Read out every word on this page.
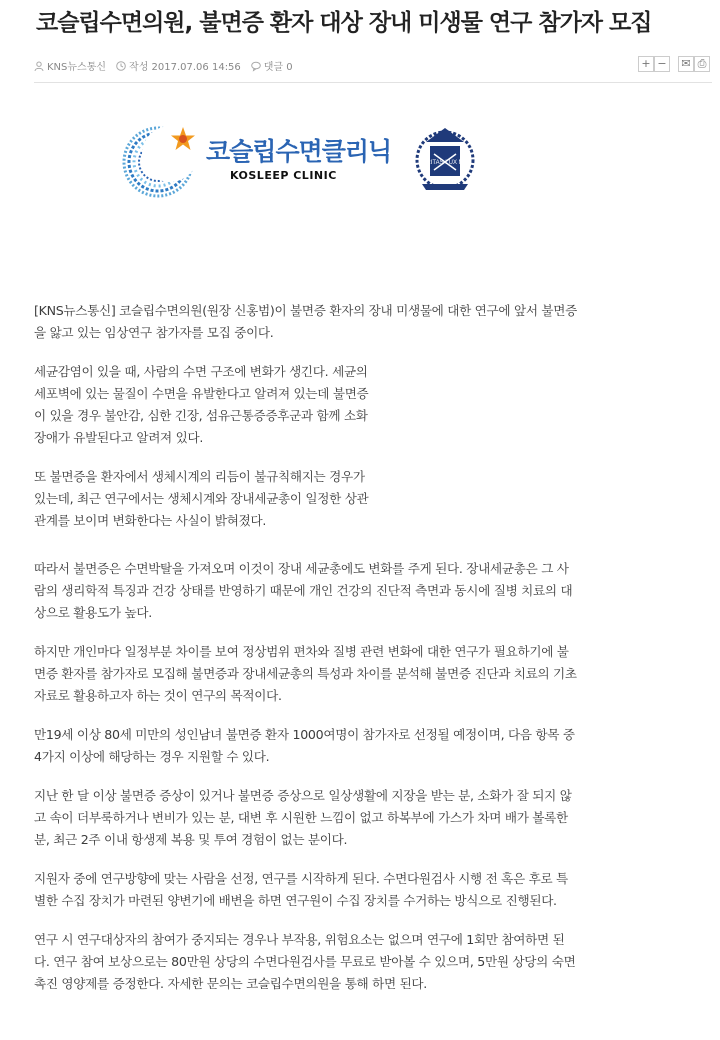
코슬립수면의원, 불면증 환자 대상 장내 미생물 연구 참가자 모집
KNS뉴스통신 작성 2017.07.06 14:56 댓글 0	+ −	✉ ⎙
코슬립수면클리닉
KOSLEEP CLINIC
VERITAS LUX MEA

[KNS뉴스통신] 코슬립수면의원(원장 신홍범)이 불면증 환자의 장내 미생물에 대한 연구에 앞서 불면증을 앓고 있는 임상연구 참가자를 모집 중이다.

세균감염이 있을 때, 사람의 수면 구조에 변화가 생긴다. 세균의 세포벽에 있는 물질이 수면을 유발한다고 알려져 있는데 불면증이 있을 경우 불안감, 심한 긴장, 섬유근통증증후군과 함께 소화 장애가 유발된다고 알려져 있다.

또 불면증을 환자에서 생체시계의 리듬이 불규칙해지는 경우가 있는데, 최근 연구에서는 생체시계와 장내세균총이 일정한 상관관계를 보이며 변화한다는 사실이 밝혀졌다.

따라서 불면증은 수면박탈을 가져오며 이것이 장내 세균총에도 변화를 주게 된다. 장내세균총은 그 사람의 생리학적 특징과 건강 상태를 반영하기 때문에 개인 건강의 진단적 측면과 동시에 질병 치료의 대상으로 활용도가 높다.

하지만 개인마다 일정부분 차이를 보여 정상범위 편차와 질병 관련 변화에 대한 연구가 필요하기에 불면증 환자를 참가자로 모집해 불면증과 장내세균총의 특성과 차이를 분석해 불면증 진단과 치료의 기초 자료로 활용하고자 하는 것이 연구의 목적이다.

만19세 이상 80세 미만의 성인남녀 불면증 환자 1000여명이 참가자로 선정될 예정이며, 다음 항목 중 4가지 이상에 해당하는 경우 지원할 수 있다.

지난 한 달 이상 불면증 증상이 있거나 불면증 증상으로 일상생활에 지장을 받는 분, 소화가 잘 되지 않고 속이 더부룩하거나 변비가 있는 분, 대변 후 시원한 느낌이 없고 하복부에 가스가 차며 배가 볼록한 분, 최근 2주 이내 항생제 복용 및 투여 경험이 없는 분이다.

지원자 중에 연구방향에 맞는 사람을 선정, 연구를 시작하게 된다. 수면다원검사 시행 전 혹은 후로 특별한 수집 장치가 마련된 양변기에 배변을 하면 연구원이 수집 장치를 수거하는 방식으로 진행된다.

연구 시 연구대상자의 참여가 중지되는 경우나 부작용, 위험요소는 없으며 연구에 1회만 참여하면 된다. 연구 참여 보상으로는 80만원 상당의 수면다원검사를 무료로 받아볼 수 있으며, 5만원 상당의 숙면 촉진 영양제를 증정한다. 자세한 문의는 코슬립수면의원을 통해 하면 된다.
